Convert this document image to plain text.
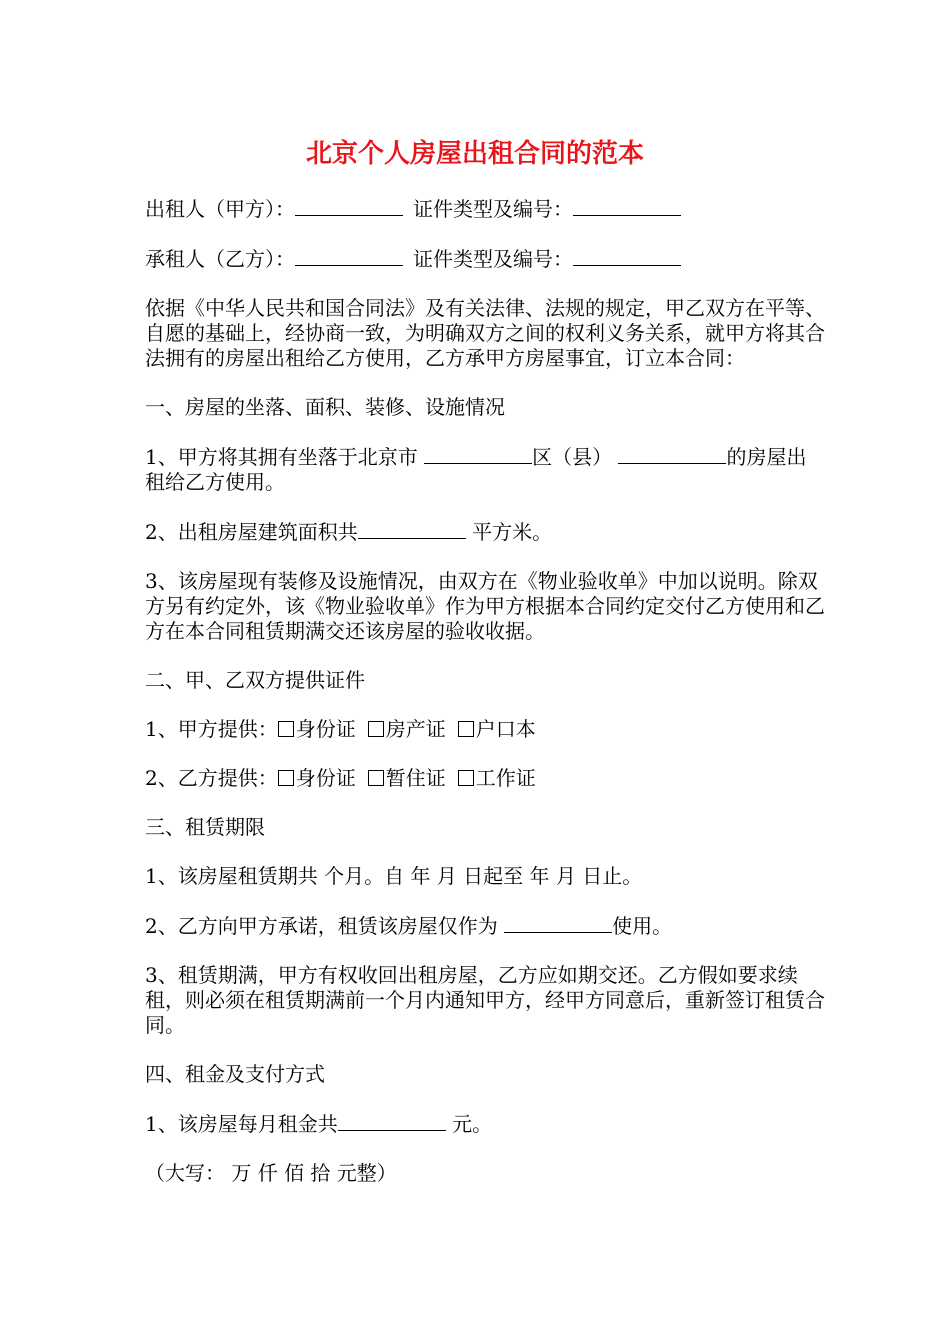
北京个人房屋出租合同的范本

出租人（甲方）：	证件类型及编号：

承租人（乙方）：	证件类型及编号：

依据《中华人民共和国合同法》及有关法律、法规的规定，甲乙双方在平等、自愿的基础上，经协商一致，为明确双方之间的权利义务关系，就甲方将其合法拥有的房屋出租给乙方使用，乙方承甲方房屋事宜，订立本合同：

一、房屋的坐落、面积、装修、设施情况

1、甲方将其拥有坐落于北京市	区（县）	的房屋出租给乙方使用。

2、出租房屋建筑面积共	平方米。

3、该房屋现有装修及设施情况，由双方在《物业验收单》中加以说明。除双方另有约定外，该《物业验收单》作为甲方根据本合同约定交付乙方使用和乙方在本合同租赁期满交还该房屋的验收收据。

二、甲、乙双方提供证件

1、甲方提供： 身份证 房产证 户口本

2、乙方提供： 身份证 暂住证 工作证

三、租赁期限

1、该房屋租赁期共 个月。自 年 月 日起至 年 月 日止。

2、乙方向甲方承诺，租赁该房屋仅作为	使用。

3、租赁期满，甲方有权收回出租房屋，乙方应如期交还。乙方假如要求续租，则必须在租赁期满前一个月内通知甲方，经甲方同意后，重新签订租赁合同。

四、租金及支付方式

1、该房屋每月租金共	元。

（大写： 万 仟 佰 拾 元整）
